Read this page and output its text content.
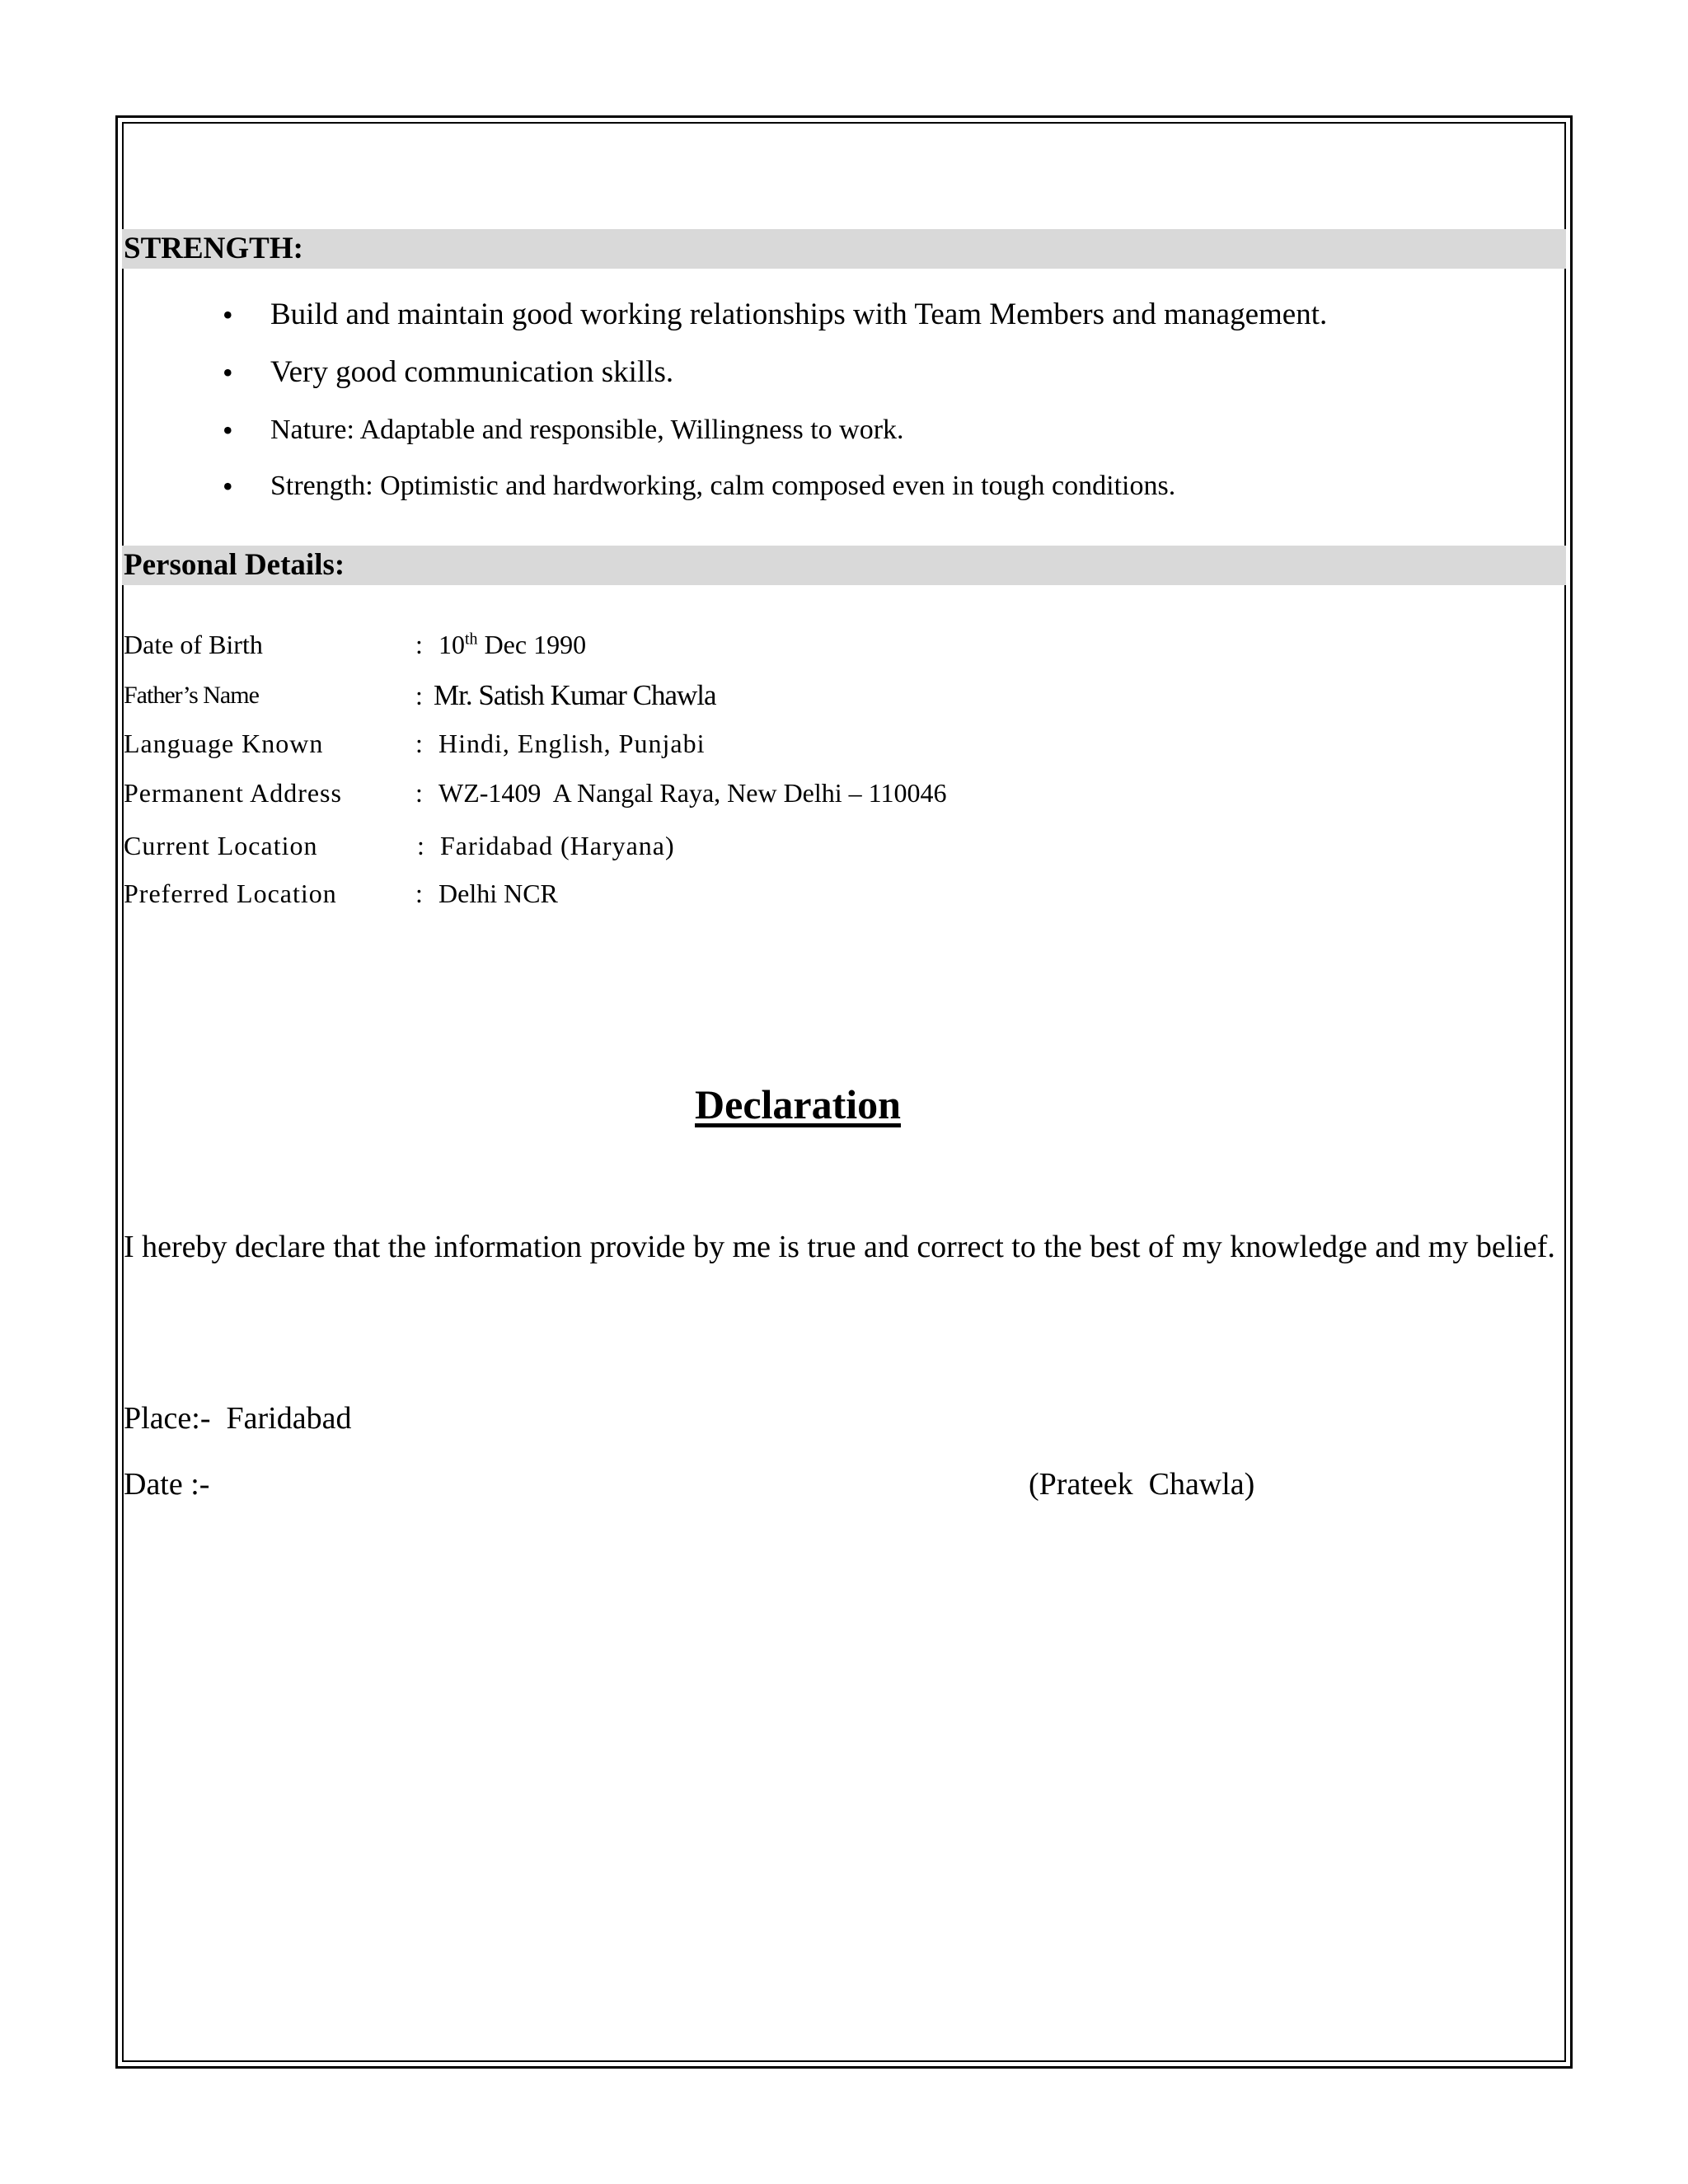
STRENGTH:
• Build and maintain good working relationships with Team Members and management.
• Very good communication skills.
• Nature: Adaptable and responsible, Willingness to work.
• Strength: Optimistic and hardworking, calm composed even in tough conditions.
Personal Details:
Date of Birth	: 10th Dec 1990
Father’s Name	: Mr. Satish Kumar Chawla
Language Known	: Hindi, English, Punjabi
Permanent Address	: WZ-1409  A Nangal Raya, New Delhi – 110046
Current Location	: Faridabad (Haryana)
Preferred Location	: Delhi NCR
Declaration
I hereby declare that the information provide by me is true and correct to the best of my knowledge and my belief.
Place:-  Faridabad
Date :-	(Prateek  Chawla)
